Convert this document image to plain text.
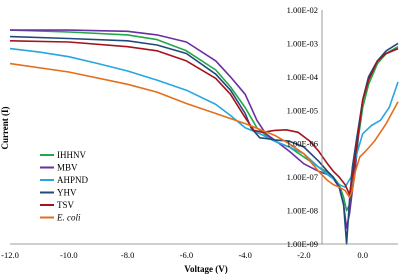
-12.0	-10.0	-8.0	-6.0	-4.0	-2.0	0.0
1.00E-09
1.00E-08
1.00E-07
1.00E-06
1.00E-05
1.00E-04
1.00E-03
1.00E-02
Voltage (V)
Current (I)
IHHNV
MBV
AHPND
YHV
TSV
E. coli
